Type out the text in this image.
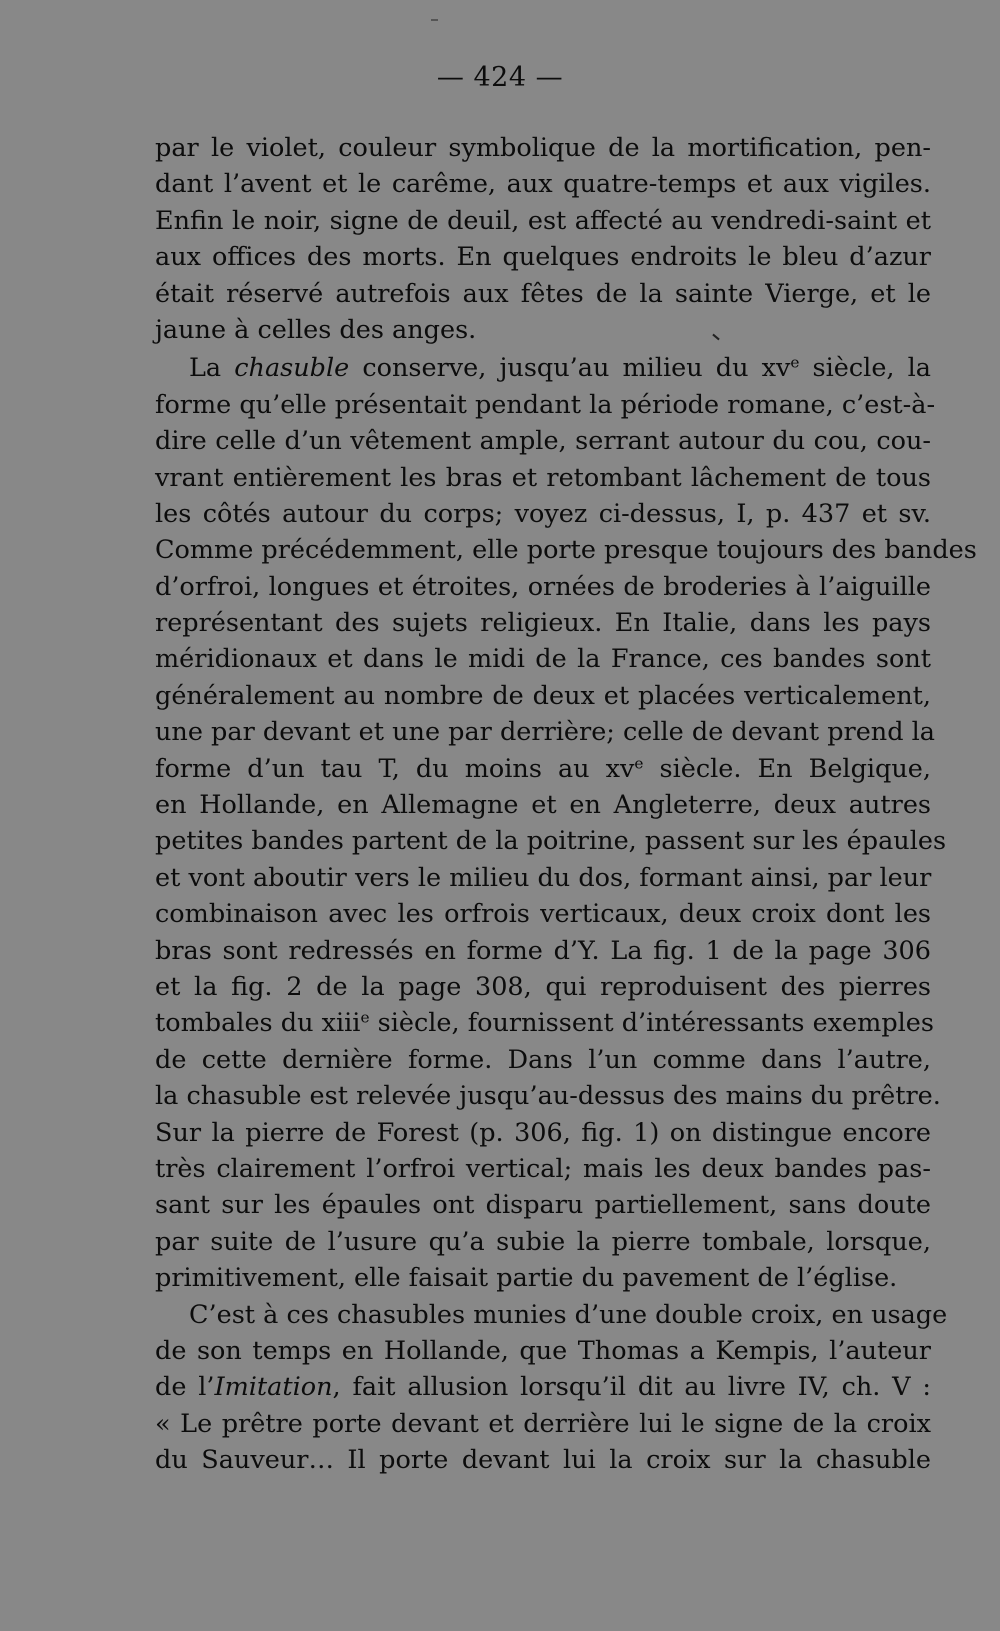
— 424 —
par le violet, couleur symbolique de la mortification, pen-
dant l’avent et le carême, aux quatre-temps et aux vigiles.
Enfin le noir, signe de deuil, est affecté au vendredi-saint et
aux offices des morts. En quelques endroits le bleu d’azur
était réservé autrefois aux fêtes de la sainte Vierge, et le
jaune à celles des anges.
La chasuble conserve, jusqu’au milieu du $xv^e$ siècle, la
forme qu’elle présentait pendant la période romane, c’est-à-
dire celle d’un vêtement ample, serrant autour du cou, cou-
vrant entièrement les bras et retombant lâchement de tous
les côtés autour du corps; voyez ci-dessus, I, p. 437 et sv.
Comme précédemment, elle porte presque toujours des bandes
d’orfroi, longues et étroites, ornées de broderies à l’aiguille
représentant des sujets religieux. En Italie, dans les pays
méridionaux et dans le midi de la France, ces bandes sont
généralement au nombre de deux et placées verticalement,
une par devant et une par derrière; celle de devant prend la
forme d’un tau T, du moins au $xv^e$ siècle. En Belgique,
en Hollande, en Allemagne et en Angleterre, deux autres
petites bandes partent de la poitrine, passent sur les épaules
et vont aboutir vers le milieu du dos, formant ainsi, par leur
combinaison avec les orfrois verticaux, deux croix dont les
bras sont redressés en forme d’Y. La fig. 1 de la page 306
et la fig. 2 de la page 308, qui reproduisent des pierres
tombales du xiii$^e$ siècle, fournissent d’intéressants exemples
de cette dernière forme. Dans l’un comme dans l’autre,
la chasuble est relevée jusqu’au-dessus des mains du prêtre.
Sur la pierre de Forest (p. 306, fig. 1) on distingue encore
très clairement l’orfroi vertical; mais les deux bandes pas-
sant sur les épaules ont disparu partiellement, sans doute
par suite de l’usure qu’a subie la pierre tombale, lorsque,
primitivement, elle faisait partie du pavement de l’église.
C’est à ces chasubles munies d’une double croix, en usage
de son temps en Hollande, que Thomas a Kempis, l’auteur
de l’Imitation, fait allusion lorsqu’il dit au livre IV, ch. V :
« Le prêtre porte devant et derrière lui le signe de la croix
du Sauveur… Il porte devant lui la croix sur la chasuble
